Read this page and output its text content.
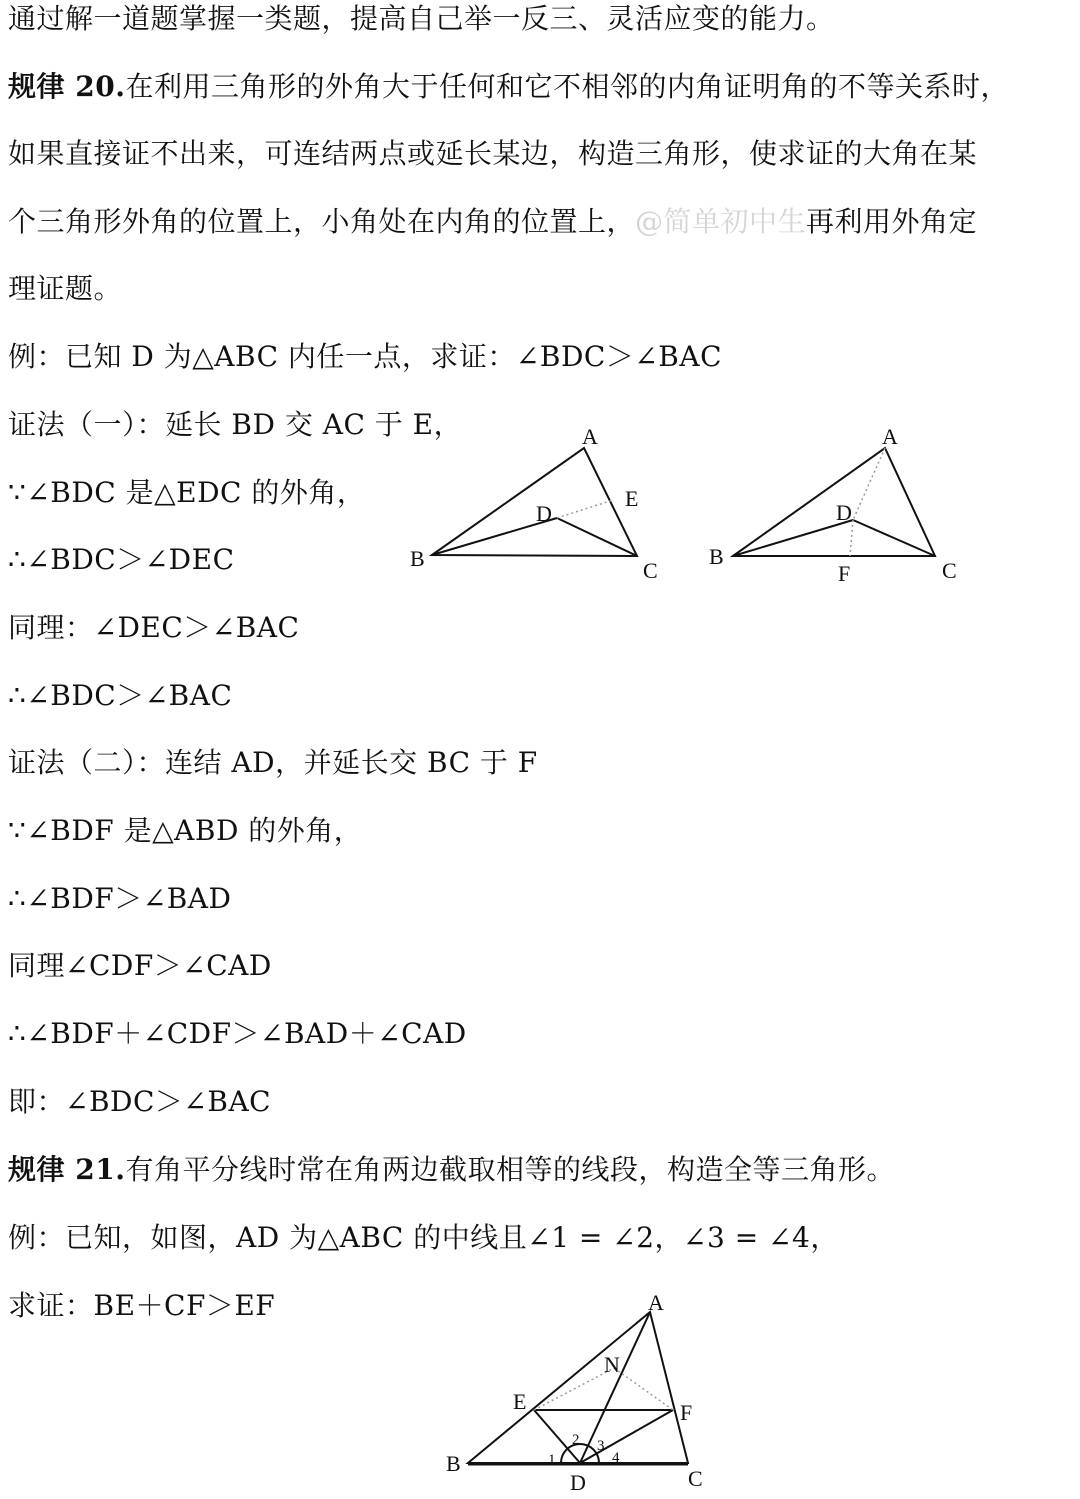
通过解一道题掌握一类题，提高自己举一反三、灵活应变的能力。
规律 20.在利用三角形的外角大于任何和它不相邻的内角证明角的不等关系时，
如果直接证不出来，可连结两点或延长某边，构造三角形，使求证的大角在某
个三角形外角的位置上，小角处在内角的位置上，@简单初中生再利用外角定
理证题。
例：已知 D 为△ABC 内任一点，求证：∠BDC＞∠BAC
证法（一）：延长 BD 交 AC 于 E，
∵∠BDC 是△EDC 的外角，
∴∠BDC＞∠DEC
同理：∠DEC＞∠BAC
∴∠BDC＞∠BAC
证法（二）：连结 AD，并延长交 BC 于 F
∵∠BDF 是△ABD 的外角，
∴∠BDF＞∠BAD
同理∠CDF＞∠CAD
∴∠BDF＋∠CDF＞∠BAD＋∠CAD
即：∠BDC＞∠BAC
规律 21.有角平分线时常在角两边截取相等的线段，构造全等三角形。
例：已知，如图，AD 为△ABC 的中线且∠1 = ∠2，∠3 = ∠4，
求证：BE＋CF＞EF
A
B	C
D
E
A
B
C
D
F
A
B
C
D
E	F
N
1
2 3
4
